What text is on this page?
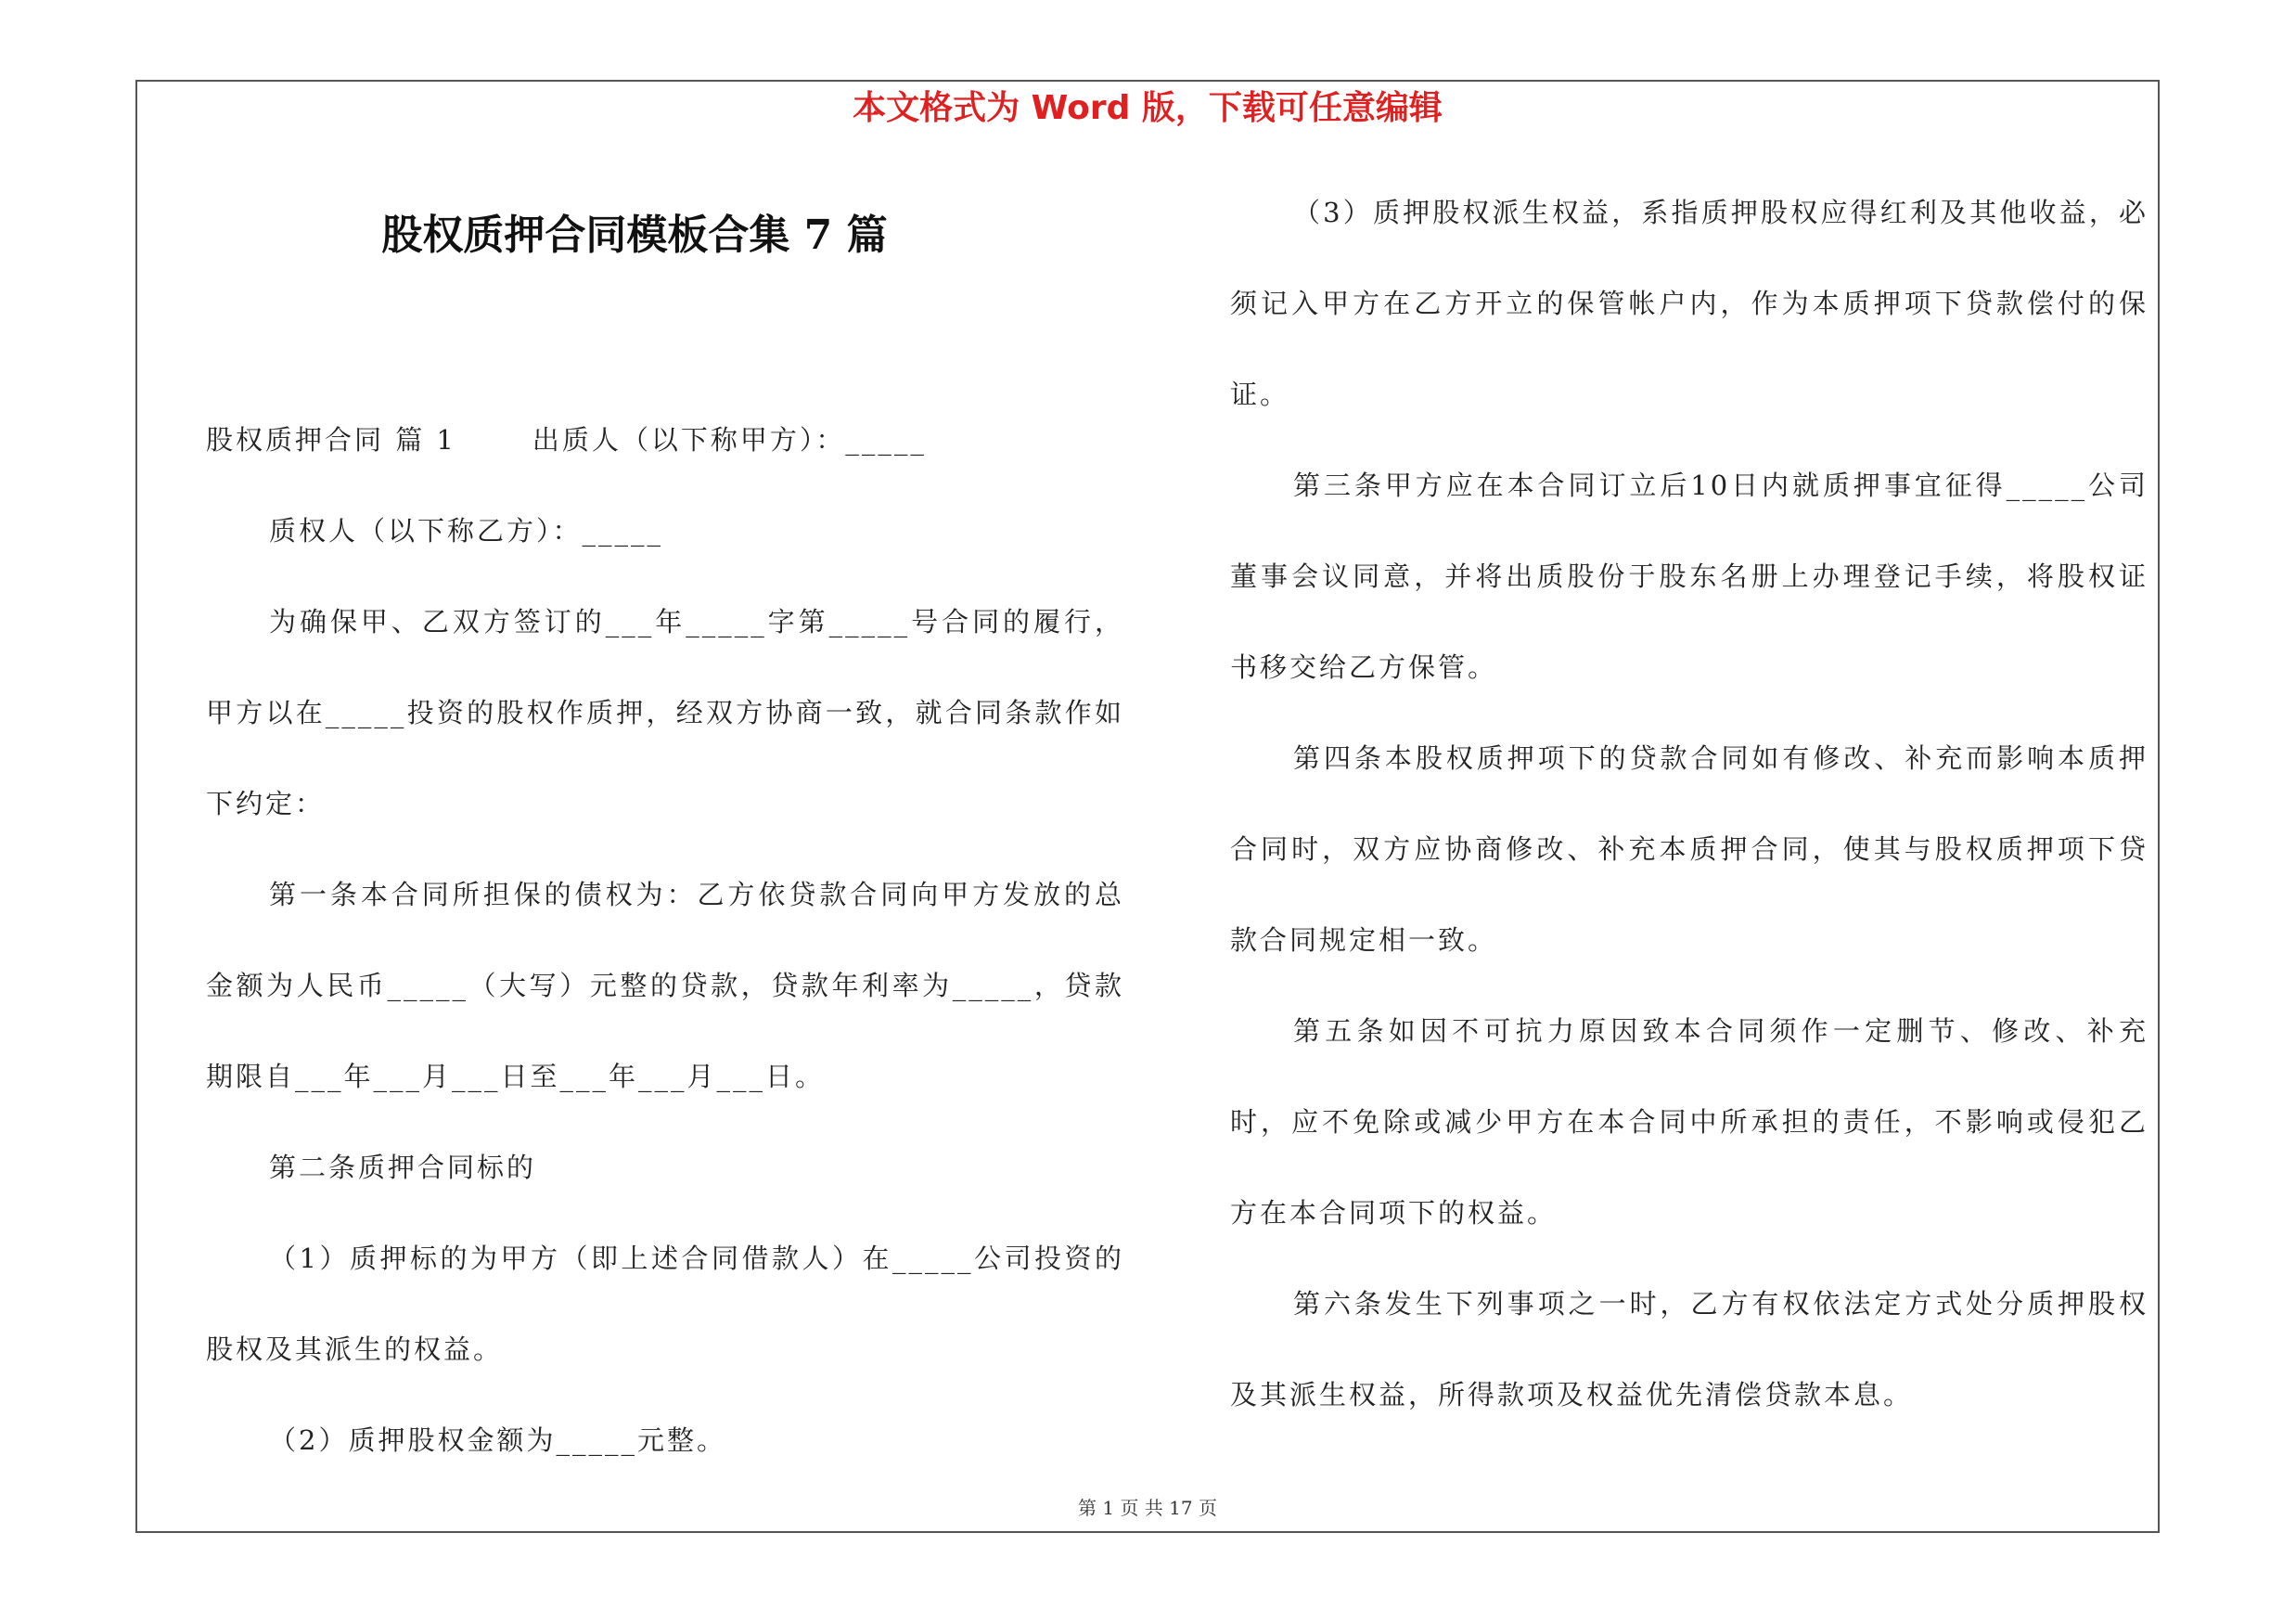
本文格式为 Word 版，下载可任意编辑
股权质押合同模板合集 7 篇

股权质押合同 篇 1	出质人（以下称甲方）：_____

质权人（以下称乙方）：_____

为确保甲、乙双方签订的___年_____字第_____号合同的履行，甲方以在_____投资的股权作质押，经双方协商一致，就合同条款作如下约定：

第一条本合同所担保的债权为：乙方依贷款合同向甲方发放的总金额为人民币_____（大写）元整的贷款，贷款年利率为_____，贷款期限自___年___月___日至___年___月___日。

第二条质押合同标的

（1）质押标的为甲方（即上述合同借款人）在_____公司投资的股权及其派生的权益。

（2）质押股权金额为_____元整。

（3）质押股权派生权益，系指质押股权应得红利及其他收益，必须记入甲方在乙方开立的保管帐户内，作为本质押项下贷款偿付的保证。

第三条甲方应在本合同订立后10日内就质押事宜征得_____公司董事会议同意，并将出质股份于股东名册上办理登记手续，将股权证书移交给乙方保管。

第四条本股权质押项下的贷款合同如有修改、补充而影响本质押合同时，双方应协商修改、补充本质押合同，使其与股权质押项下贷款合同规定相一致。

第五条如因不可抗力原因致本合同须作一定删节、修改、补充时，应不免除或减少甲方在本合同中所承担的责任，不影响或侵犯乙方在本合同项下的权益。

第六条发生下列事项之一时，乙方有权依法定方式处分质押股权及其派生权益，所得款项及权益优先清偿贷款本息。

第 1 页 共 17 页
